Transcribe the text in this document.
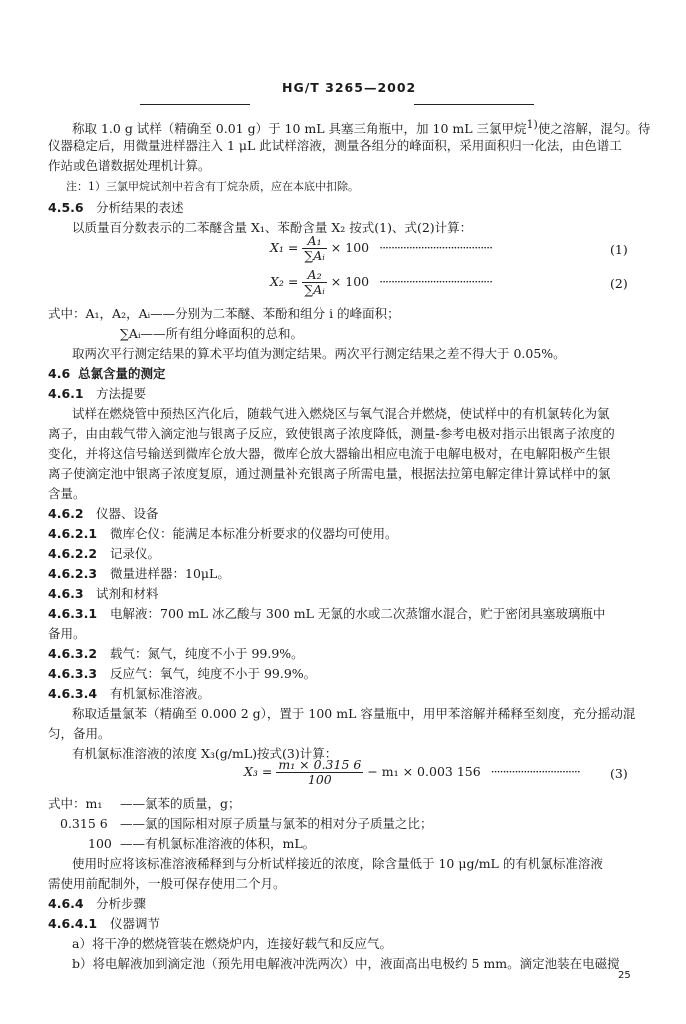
HG/T 3265—2002
称取 1.0 g 试样（精确至 0.01 g）于 10 mL 具塞三角瓶中，加 10 mL 三氯甲烷$^{1)}$使之溶解，混匀。待
仪器稳定后，用微量进样器注入 1 μL 此试样溶液，测量各组分的峰面积，采用面积归一化法，由色谱工
作站或色谱数据处理机计算。
注：1）三氯甲烷试剂中若含有丁烷杂质，应在本底中扣除。
4.5.6 分析结果的表述
以质量百分数表示的二苯醚含量 X₁、苯酚含量 X₂ 按式(1)、式(2)计算：
$X_1 = \frac{\text{A₁}}{\text{∑Aᵢ}} \times 100$ ······································	(1)
$X_2 = \frac{\text{A₂}}{\text{∑Aᵢ}} \times 100$ ······································	(2)
式中：A₁，A₂，Aᵢ——分别为二苯醚、苯酚和组分 i 的峰面积；
∑Aᵢ——所有组分峰面积的总和。
取两次平行测定结果的算术平均值为测定结果。两次平行测定结果之差不得大于 0.05%。
4.6 总氯含量的测定
4.6.1 方法提要
试样在燃烧管中预热区汽化后，随载气进入燃烧区与氧气混合并燃烧，使试样中的有机氯转化为氯
离子，由由载气带入滴定池与银离子反应，致使银离子浓度降低，测量-参考电极对指示出银离子浓度的
变化，并将这信号输送到微库仑放大器，微库仑放大器输出相应电流于电解电极对，在电解阳极产生银
离子使滴定池中银离子浓度复原，通过测量补充银离子所需电量，根据法拉第电解定律计算试样中的氯
含量。
4.6.2 仪器、设备
4.6.2.1 微库仑仪：能满足本标准分析要求的仪器均可使用。
4.6.2.2 记录仪。
4.6.2.3 微量进样器：10μL。
4.6.3 试剂和材料
4.6.3.1 电解液：700 mL 冰乙酸与 300 mL 无氯的水或二次蒸馏水混合，贮于密闭具塞玻璃瓶中
备用。
4.6.3.2 载气：氮气，纯度不小于 99.9%。
4.6.3.3 反应气：氧气，纯度不小于 99.9%。
4.6.3.4 有机氯标准溶液。
称取适量氯苯（精确至 0.000 2 g），置于 100 mL 容量瓶中，用甲苯溶解并稀释至刻度，充分摇动混
匀，备用。
有机氯标准溶液的浓度 X₃(g/mL)按式(3)计算：
$X_3 = \frac{\text{m₁ × 0.315 6}}{100} - m_1 \times 0.003$ 156 ······························ (3)
式中：m₁ ——氯苯的质量，g；
0.315 6 ——氯的国际相对原子质量与氯苯的相对分子质量之比；
100 ——有机氯标准溶液的体积，mL。
使用时应将该标准溶液稀释到与分析试样接近的浓度，除含量低于 10 μg/mL 的有机氯标准溶液
需使用前配制外，一般可保存使用二个月。
4.6.4 分析步骤
4.6.4.1 仪器调节
a）将干净的燃烧管装在燃烧炉内，连接好载气和反应气。
b）将电解液加到滴定池（预先用电解液冲洗两次）中，液面高出电极约 5 mm。滴定池装在电磁搅
25
